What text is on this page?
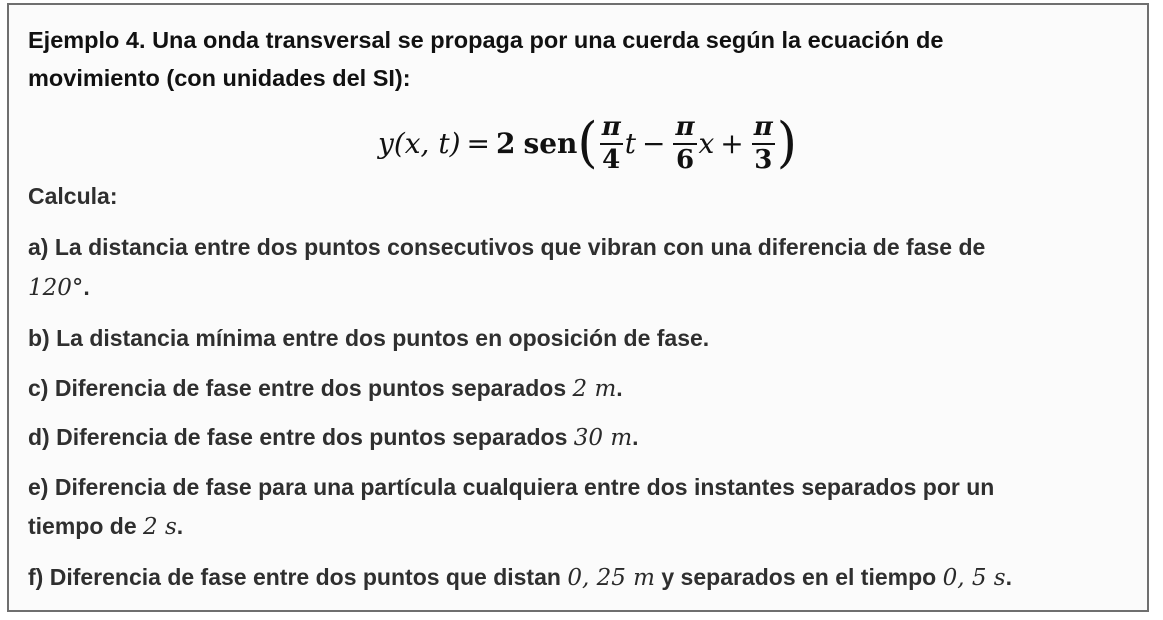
Ejemplo 4. Una onda transversal se propaga por una cuerda según la ecuación de
movimiento (con unidades del SI):
y(x, t) = 2 sen ( $\frac{\pi}{4}$ $t - \frac{\pi}{6}$ $x + \frac{\pi}{3}$ )
Calcula:
a) La distancia entre dos puntos consecutivos que vibran con una diferencia de fase de
120°.
b) La distancia mínima entre dos puntos en oposición de fase.
c) Diferencia de fase entre dos puntos separados 2 m.
d) Diferencia de fase entre dos puntos separados 30 m.
e) Diferencia de fase para una partícula cualquiera entre dos instantes separados por un
tiempo de 2 s.
f) Diferencia de fase entre dos puntos que distan 0, 25 m y separados en el tiempo 0, 5 s.
